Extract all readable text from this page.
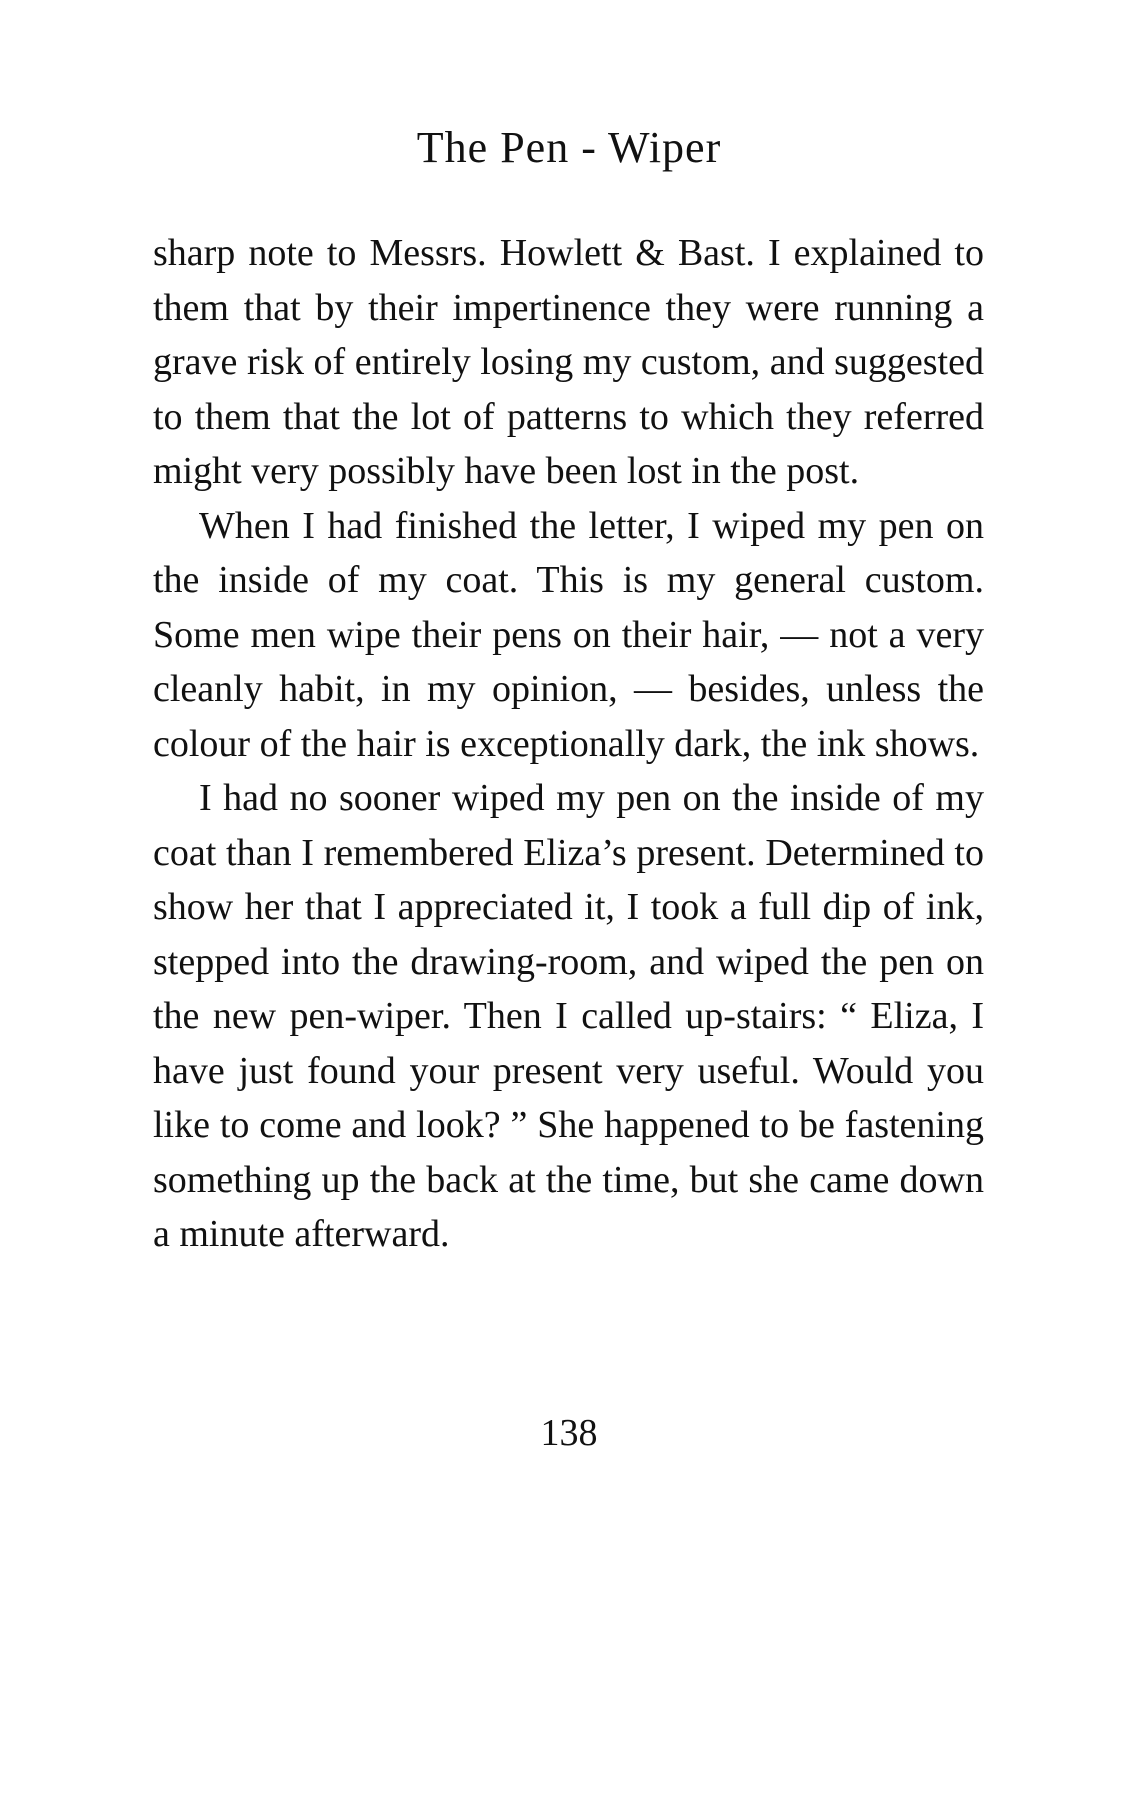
The Pen - Wiper

sharp note to Messrs. Howlett & Bast. I explained to them that by their impertinence they were running a grave risk of entirely losing my custom, and suggested to them that the lot of patterns to which they referred might very possibly have been lost in the post.

When I had finished the letter, I wiped my pen on the inside of my coat. This is my general custom. Some men wipe their pens on their hair, — not a very cleanly habit, in my opinion, — besides, unless the colour of the hair is exceptionally dark, the ink shows.

I had no sooner wiped my pen on the inside of my coat than I remembered Eliza’s present. Determined to show her that I appreciated it, I took a full dip of ink, stepped into the drawing-room, and wiped the pen on the new pen-wiper. Then I called up-stairs: “ Eliza, I have just found your present very useful. Would you like to come and look? ” She happened to be fastening something up the back at the time, but she came down a minute afterward.

138
